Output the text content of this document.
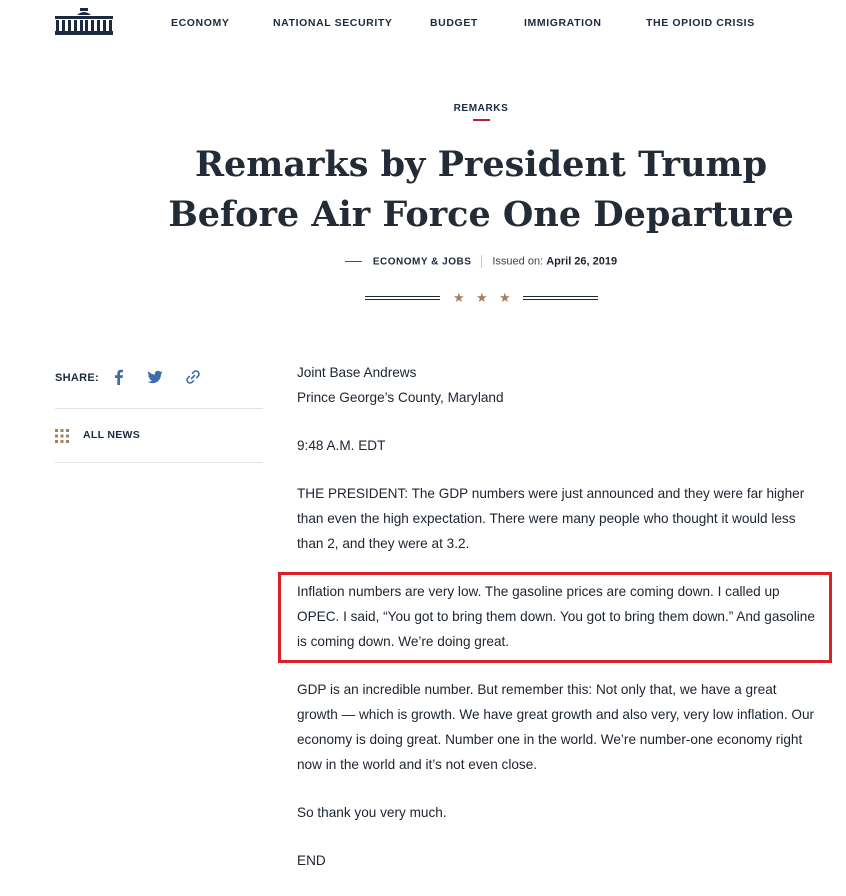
ECONOMY	NATIONAL SECURITY	BUDGET	IMMIGRATION	THE OPIOID CRISIS
REMARKS
Remarks by President Trump
Before Air Force One Departure
ECONOMY & JOBS Issued on: April 26, 2019
★ ★ ★
SHARE:
ALL NEWS

Joint Base Andrews
Prince George’s County, Maryland

9:48 A.M. EDT

THE PRESIDENT: The GDP numbers were just announced and they were far higher than even the high expectation. There were many people who thought it would less than 2, and they were at 3.2.

Inflation numbers are very low. The gasoline prices are coming down. I called up OPEC. I said, “You got to bring them down. You got to bring them down.” And gasoline is coming down. We’re doing great.

GDP is an incredible number. But remember this: Not only that, we have a great growth — which is growth. We have great growth and also very, very low inflation. Our economy is doing great. Number one in the world. We’re number-one economy right now in the world and it’s not even close.

So thank you very much.

END
